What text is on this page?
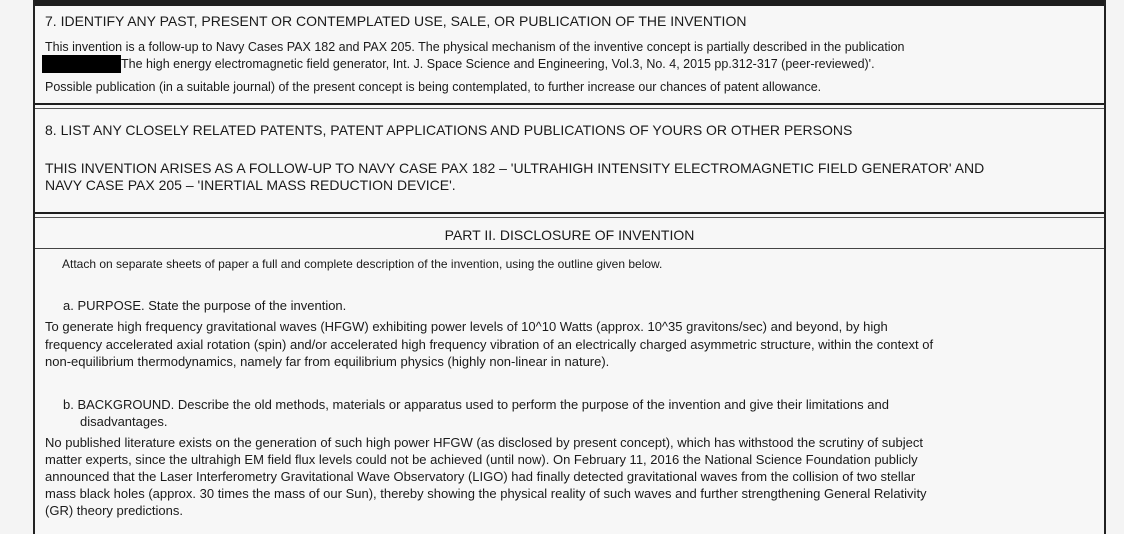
7. IDENTIFY ANY PAST, PRESENT OR CONTEMPLATED USE, SALE, OR PUBLICATION OF THE INVENTION
This invention is a follow-up to Navy Cases PAX 182 and PAX 205. The physical mechanism of the inventive concept is partially described in the publication
The high energy electromagnetic field generator, Int. J. Space Science and Engineering, Vol.3, No. 4, 2015 pp.312-317 (peer-reviewed)'.
Possible publication (in a suitable journal) of the present concept is being contemplated, to further increase our chances of patent allowance.
8. LIST ANY CLOSELY RELATED PATENTS, PATENT APPLICATIONS AND PUBLICATIONS OF YOURS OR OTHER PERSONS
THIS INVENTION ARISES AS A FOLLOW-UP TO NAVY CASE PAX 182 – 'ULTRAHIGH INTENSITY ELECTROMAGNETIC FIELD GENERATOR' AND
NAVY CASE PAX 205 – 'INERTIAL MASS REDUCTION DEVICE'.
PART II. DISCLOSURE OF INVENTION
Attach on separate sheets of paper a full and complete description of the invention, using the outline given below.
a. PURPOSE. State the purpose of the invention.
To generate high frequency gravitational waves (HFGW) exhibiting power levels of 10^10 Watts (approx. 10^35 gravitons/sec) and beyond, by high
frequency accelerated axial rotation (spin) and/or accelerated high frequency vibration of an electrically charged asymmetric structure, within the context of
non-equilibrium thermodynamics, namely far from equilibrium physics (highly non-linear in nature).
b. BACKGROUND. Describe the old methods, materials or apparatus used to perform the purpose of the invention and give their limitations and
disadvantages.
No published literature exists on the generation of such high power HFGW (as disclosed by present concept), which has withstood the scrutiny of subject
matter experts, since the ultrahigh EM field flux levels could not be achieved (until now). On February 11, 2016 the National Science Foundation publicly
announced that the Laser Interferometry Gravitational Wave Observatory (LIGO) had finally detected gravitational waves from the collision of two stellar
mass black holes (approx. 30 times the mass of our Sun), thereby showing the physical reality of such waves and further strengthening General Relativity
(GR) theory predictions.
